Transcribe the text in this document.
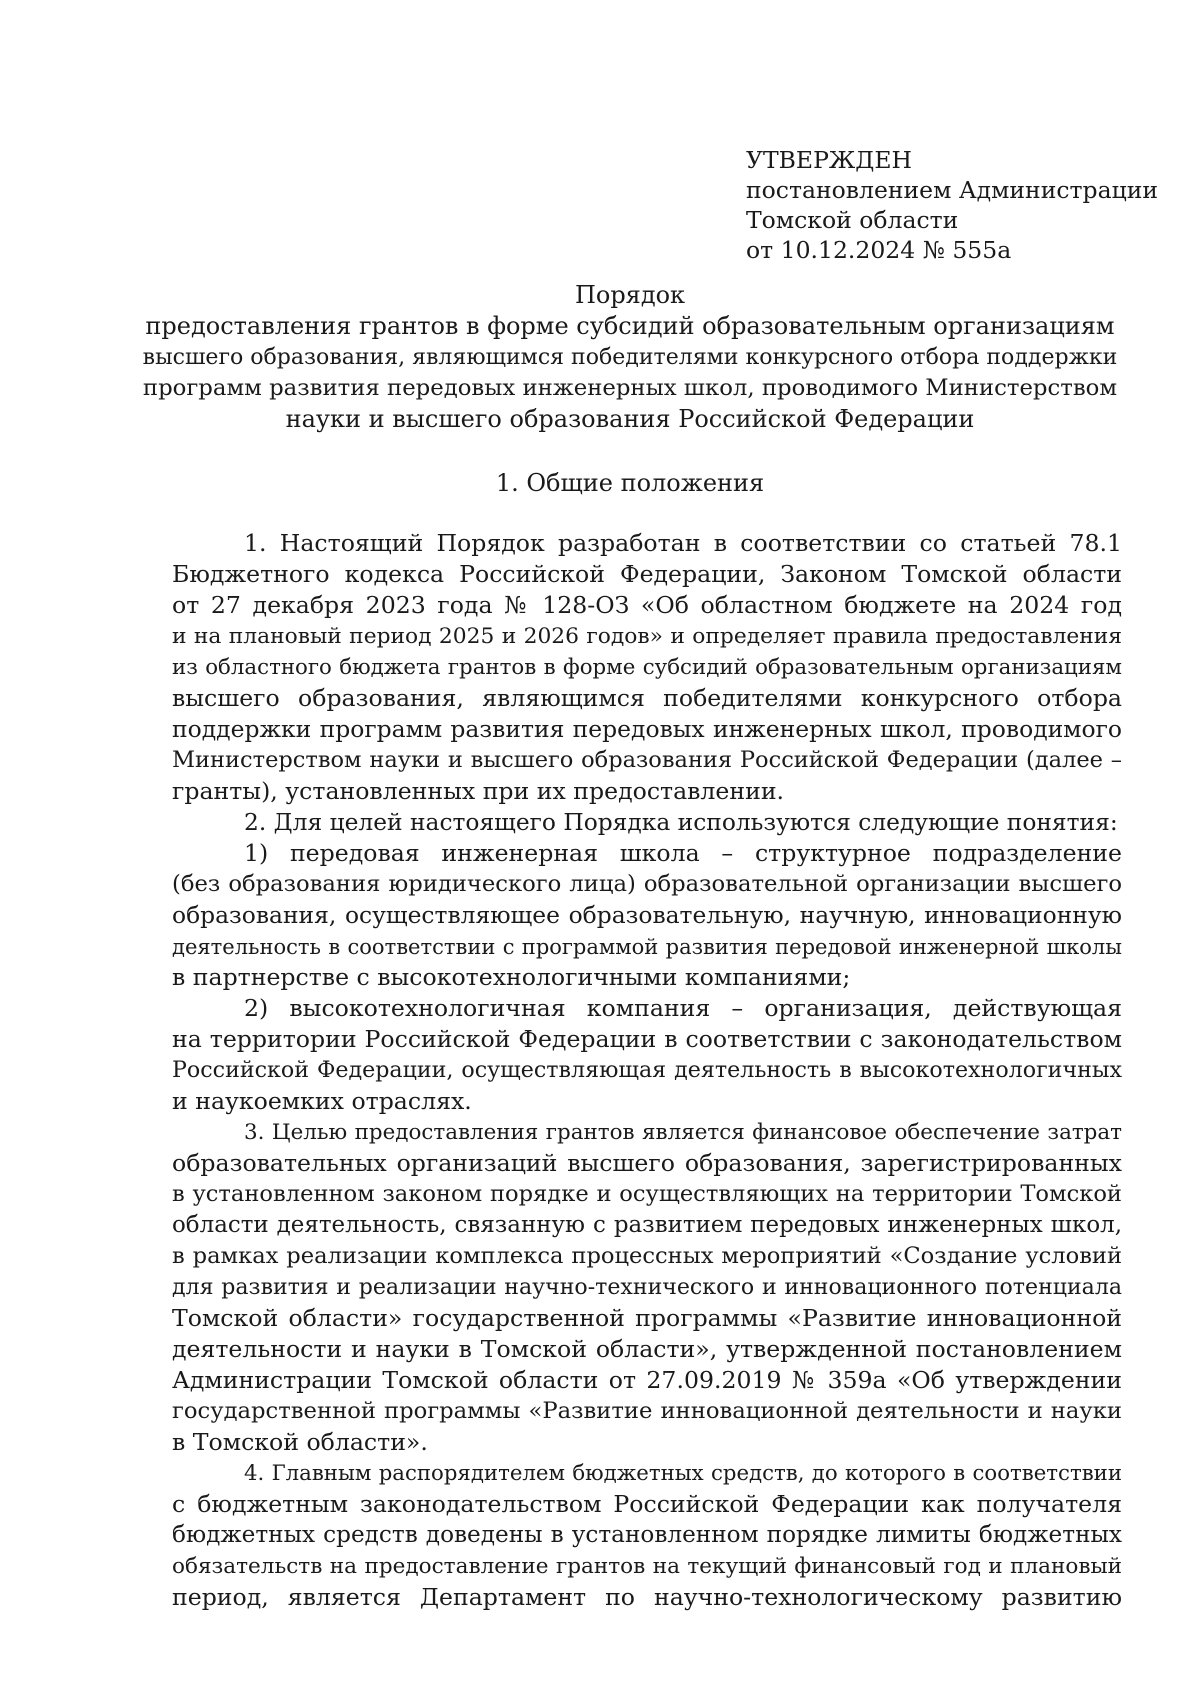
УТВЕРЖДЕН
постановлением Администрации
Томской области
от 10.12.2024 № 555а
Порядок
предоставления грантов в форме субсидий образовательным организациям
высшего образования, являющимся победителями конкурсного отбора поддержки
программ развития передовых инженерных школ, проводимого Министерством
науки и высшего образования Российской Федерации
1. Общие положения
1. Настоящий Порядок разработан в соответствии со статьей 78.1
Бюджетного кодекса Российской Федерации, Законом Томской области
от 27 декабря 2023 года № 128-ОЗ «Об областном бюджете на 2024 год
и на плановый период 2025 и 2026 годов» и определяет правила предоставления
из областного бюджета грантов в форме субсидий образовательным организациям
высшего образования, являющимся победителями конкурсного отбора
поддержки программ развития передовых инженерных школ, проводимого
Министерством науки и высшего образования Российской Федерации (далее –
гранты), установленных при их предоставлении.
2. Для целей настоящего Порядка используются следующие понятия:
1) передовая инженерная школа – структурное подразделение
(без образования юридического лица) образовательной организации высшего
образования, осуществляющее образовательную, научную, инновационную
деятельность в соответствии с программой развития передовой инженерной школы
в партнерстве с высокотехнологичными компаниями;
2) высокотехнологичная компания – организация, действующая
на территории Российской Федерации в соответствии с законодательством
Российской Федерации, осуществляющая деятельность в высокотехнологичных
и наукоемких отраслях.
3. Целью предоставления грантов является финансовое обеспечение затрат
образовательных организаций высшего образования, зарегистрированных
в установленном законом порядке и осуществляющих на территории Томской
области деятельность, связанную с развитием передовых инженерных школ,
в рамках реализации комплекса процессных мероприятий «Создание условий
для развития и реализации научно-технического и инновационного потенциала
Томской области» государственной программы «Развитие инновационной
деятельности и науки в Томской области», утвержденной постановлением
Администрации Томской области от 27.09.2019 № 359а «Об утверждении
государственной программы «Развитие инновационной деятельности и науки
в Томской области».
4. Главным распорядителем бюджетных средств, до которого в соответствии
с бюджетным законодательством Российской Федерации как получателя
бюджетных средств доведены в установленном порядке лимиты бюджетных
обязательств на предоставление грантов на текущий финансовый год и плановый
период, является Департамент по научно-технологическому развитию
